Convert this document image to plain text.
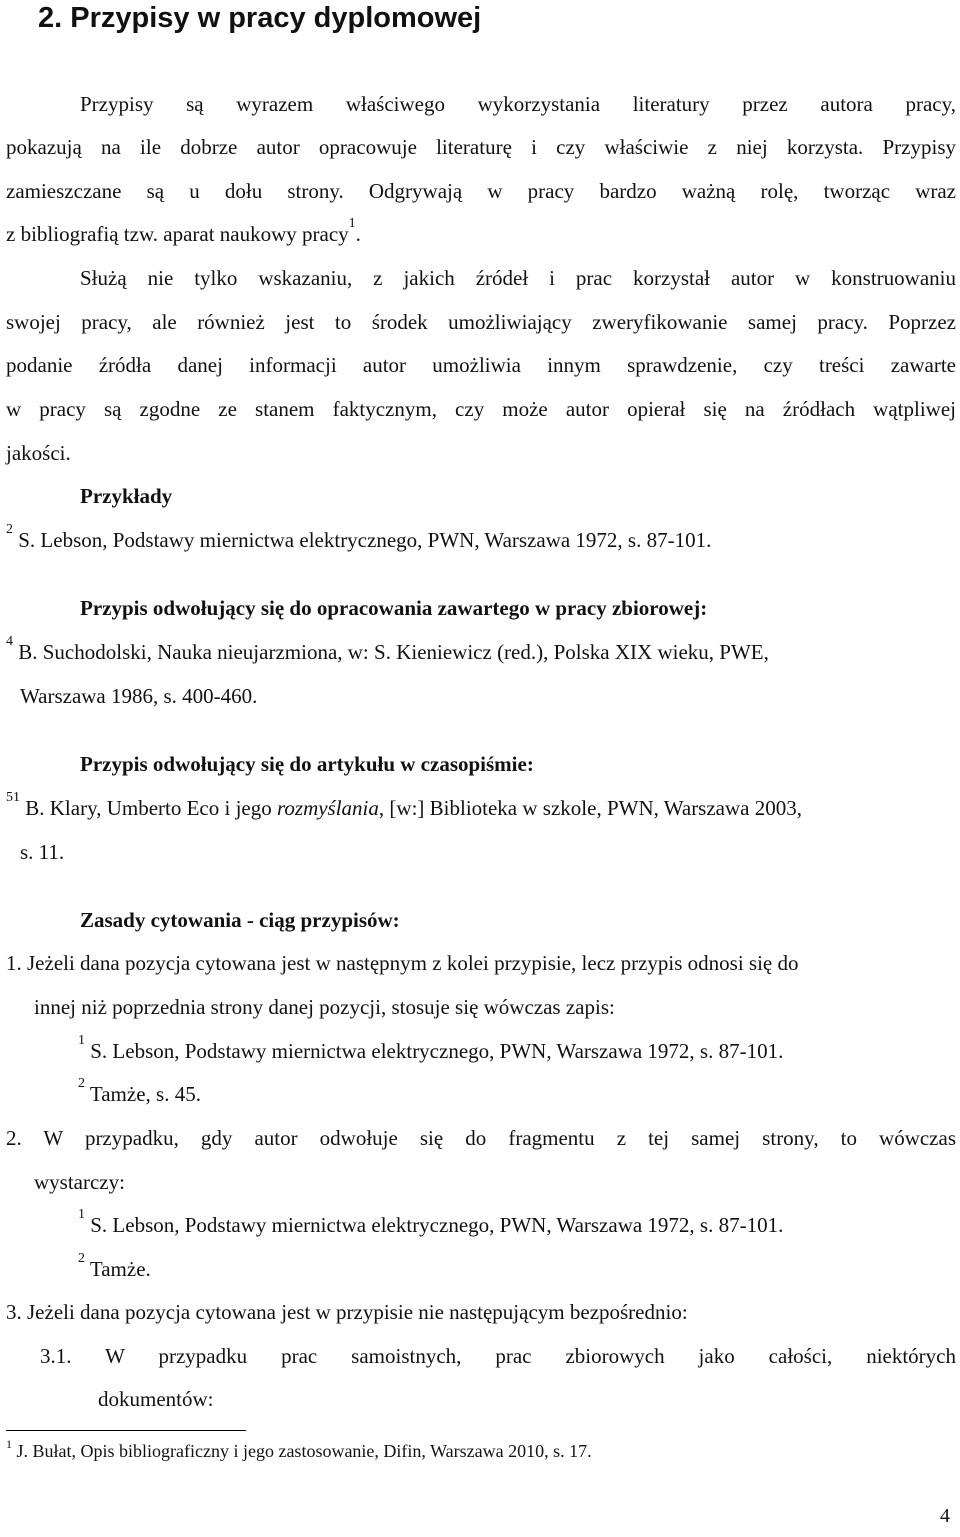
2. Przypisy w pracy dyplomowej
Przypisy są wyrazem właściwego wykorzystania literatury przez autora pracy,
pokazują na ile dobrze autor opracowuje literaturę i czy właściwie z niej korzysta. Przypisy
zamieszczane są u dołu strony. Odgrywają w pracy bardzo ważną rolę, tworząc wraz
z bibliografią tzw. aparat naukowy pracy$^1$.
Służą nie tylko wskazaniu, z jakich źródeł i prac korzystał autor w konstruowaniu
swojej pracy, ale również jest to środek umożliwiający zweryfikowanie samej pracy. Poprzez
podanie źródła danej informacji autor umożliwia innym sprawdzenie, czy treści zawarte
w pracy są zgodne ze stanem faktycznym, czy może autor opierał się na źródłach wątpliwej
jakości.
Przykłady
$^2$ S. Lebson, Podstawy miernictwa elektrycznego, PWN, Warszawa 1972, s. 87-101.
Przypis odwołujący się do opracowania zawartego w pracy zbiorowej:
$^4$ B. Suchodolski, Nauka nieujarzmiona, w: S. Kieniewicz (red.), Polska XIX wieku, PWE,
Warszawa 1986, s. 400-460.
Przypis odwołujący się do artykułu w czasopiśmie:
$^{51}$ B. Klary, Umberto Eco i jego rozmyślania, [w:] Biblioteka w szkole, PWN, Warszawa 2003,
s. 11.
Zasady cytowania - ciąg przypisów:
1. Jeżeli dana pozycja cytowana jest w następnym z kolei przypisie, lecz przypis odnosi się do
innej niż poprzednia strony danej pozycji, stosuje się wówczas zapis:
$^1$ S. Lebson, Podstawy miernictwa elektrycznego, PWN, Warszawa 1972, s. 87-101.
$^2$ Tamże, s. 45.
2. W przypadku, gdy autor odwołuje się do fragmentu z tej samej strony, to wówczas
wystarczy:
$^1$ S. Lebson, Podstawy miernictwa elektrycznego, PWN, Warszawa 1972, s. 87-101.
$^2$ Tamże.
3. Jeżeli dana pozycja cytowana jest w przypisie nie następującym bezpośrednio:
3.1. W przypadku prac samoistnych, prac zbiorowych jako całości, niektórych
dokumentów:
$^1$ J. Bułat, Opis bibliograficzny i jego zastosowanie, Difin, Warszawa 2010, s. 17.
4
